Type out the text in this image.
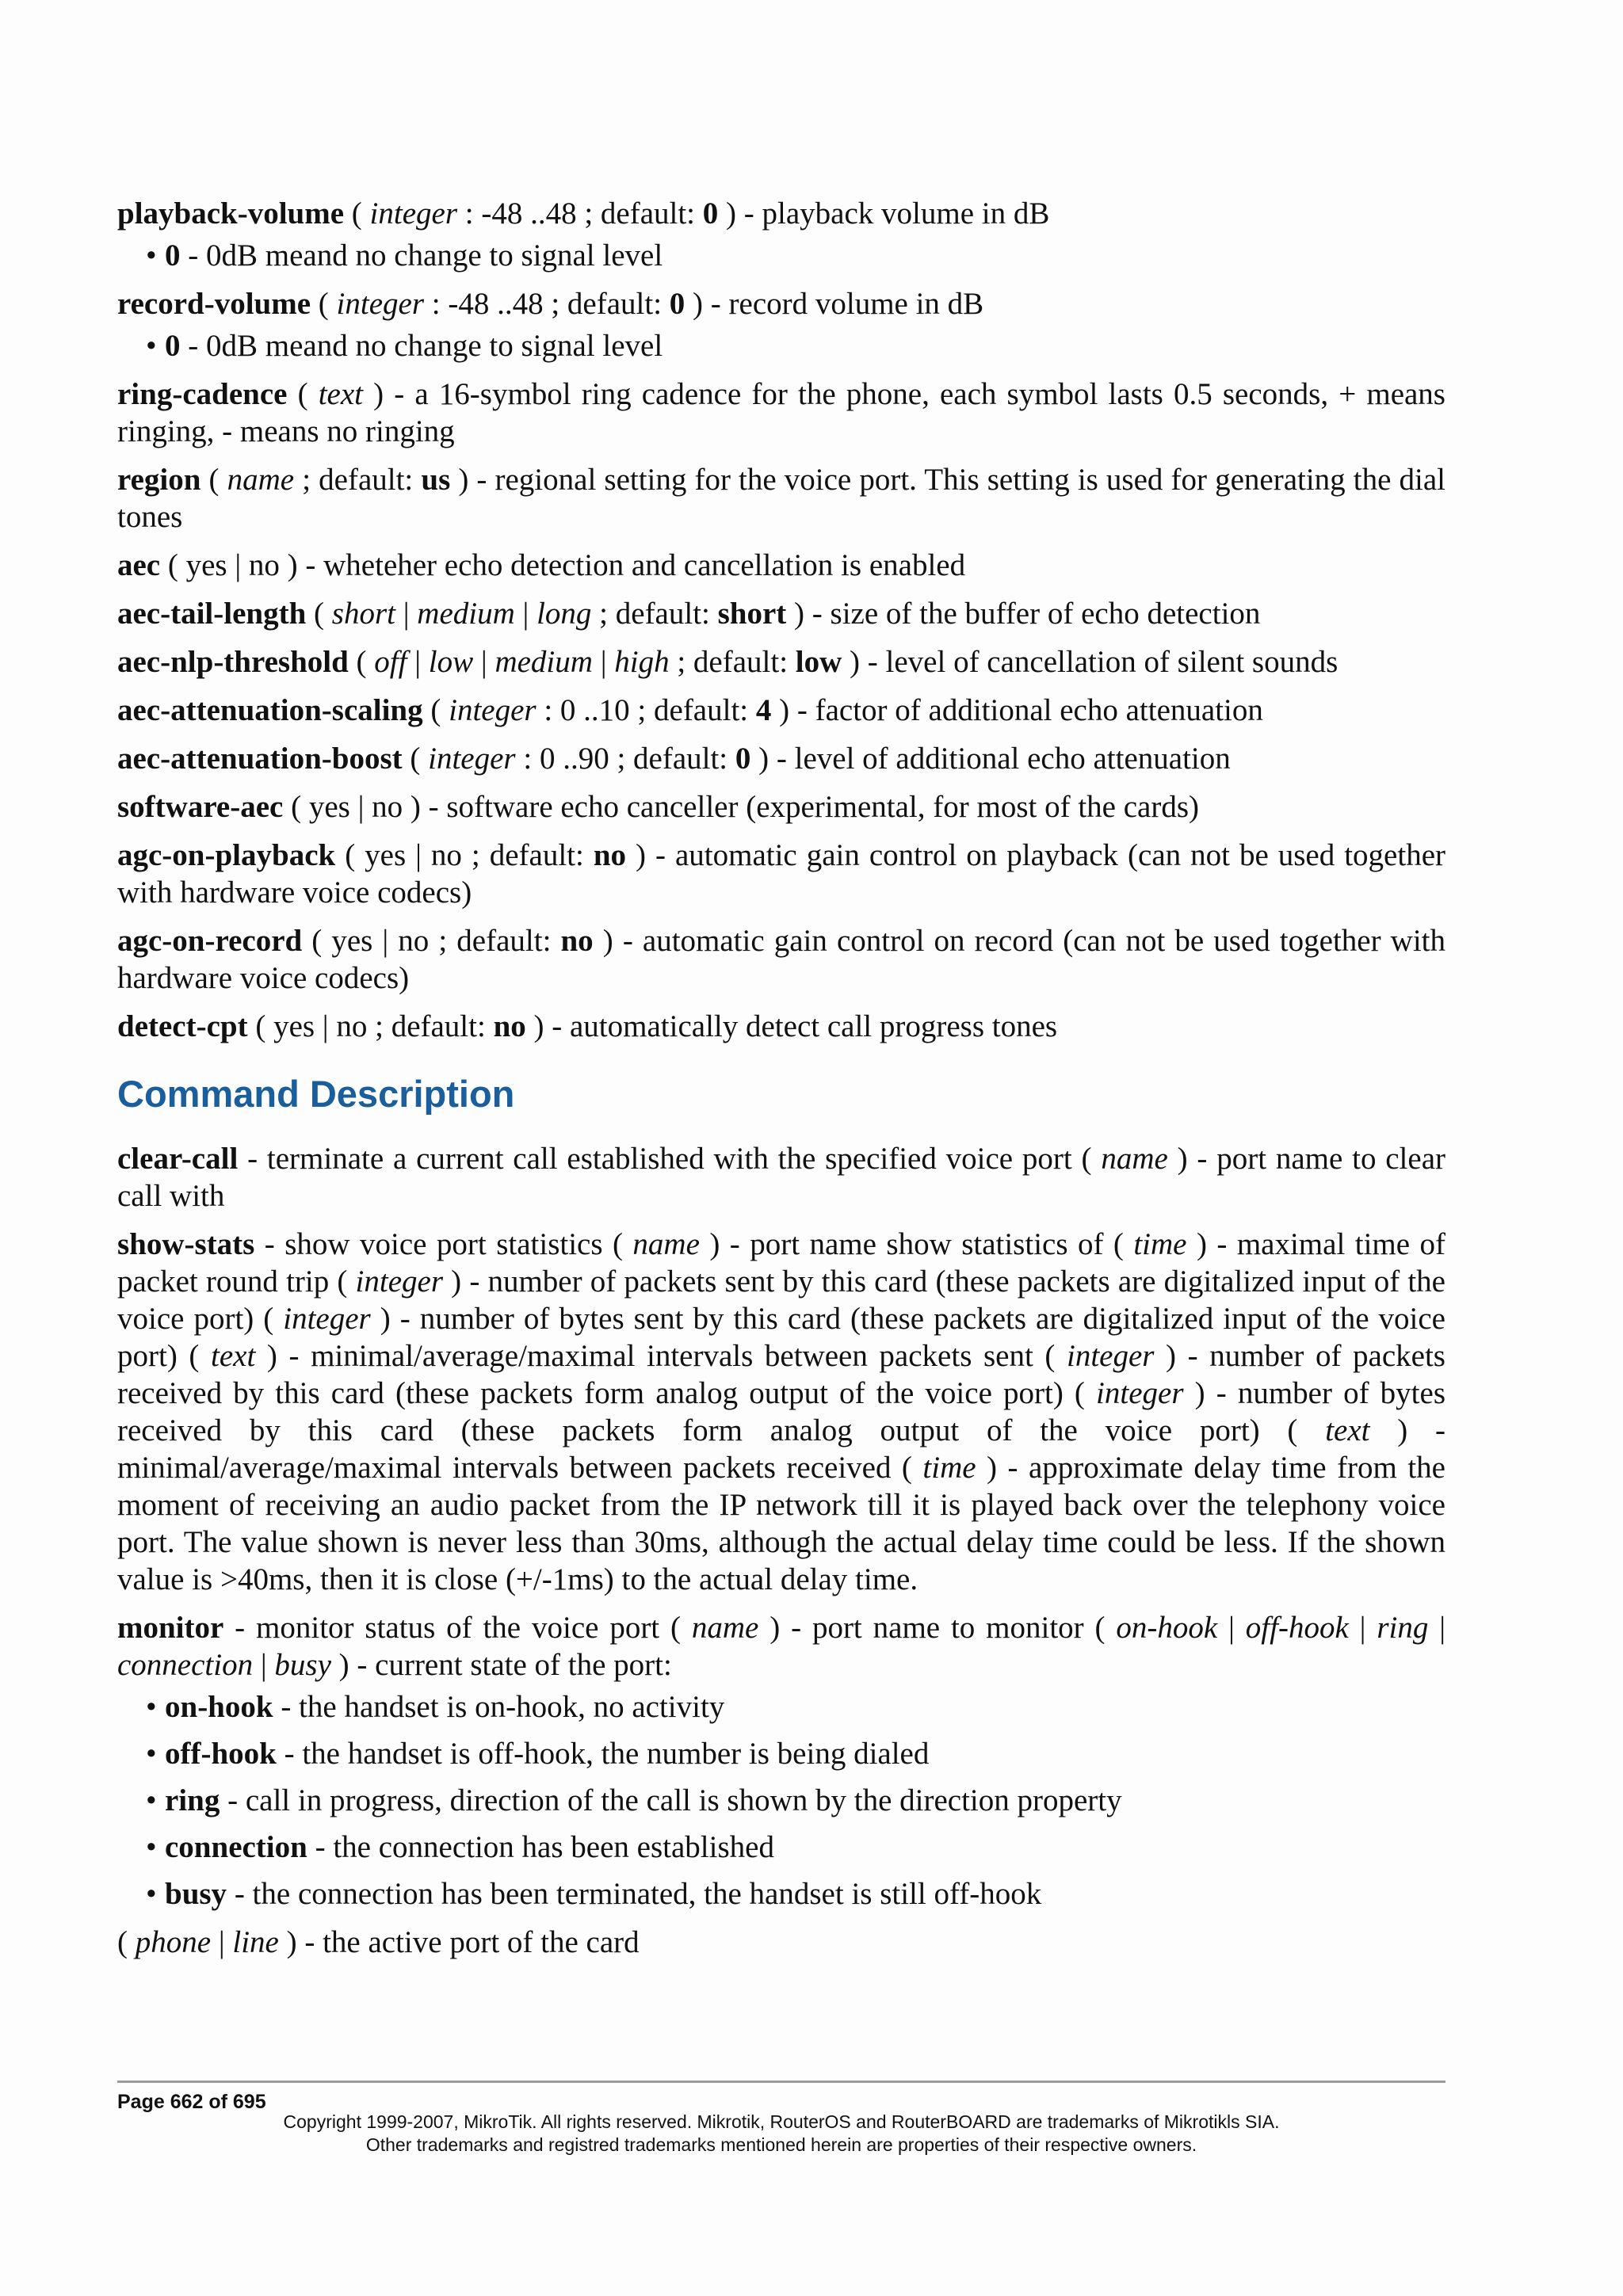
playback-volume ( integer : -48 ..48 ; default: 0 ) - playback volume in dB
• 0 - 0dB meand no change to signal level
record-volume ( integer : -48 ..48 ; default: 0 ) - record volume in dB
• 0 - 0dB meand no change to signal level
ring-cadence ( text ) - a 16-symbol ring cadence for the phone, each symbol lasts 0.5 seconds, + means ringing, - means no ringing
region ( name ; default: us ) - regional setting for the voice port. This setting is used for generating the dial tones
aec ( yes | no ) - wheteher echo detection and cancellation is enabled
aec-tail-length ( short | medium | long ; default: short ) - size of the buffer of echo detection
aec-nlp-threshold ( off | low | medium | high ; default: low ) - level of cancellation of silent sounds
aec-attenuation-scaling ( integer : 0 ..10 ; default: 4 ) - factor of additional echo attenuation
aec-attenuation-boost ( integer : 0 ..90 ; default: 0 ) - level of additional echo attenuation
software-aec ( yes | no ) - software echo canceller (experimental, for most of the cards)
agc-on-playback ( yes | no ; default: no ) - automatic gain control on playback (can not be used together with hardware voice codecs)
agc-on-record ( yes | no ; default: no ) - automatic gain control on record (can not be used together with hardware voice codecs)
detect-cpt ( yes | no ; default: no ) - automatically detect call progress tones
Command Description
clear-call - terminate a current call established with the specified voice port ( name ) - port name to clear call with
show-stats - show voice port statistics ( name ) - port name show statistics of ( time ) - maximal time of packet round trip ( integer ) - number of packets sent by this card (these packets are digitalized input of the voice port) ( integer ) - number of bytes sent by this card (these packets are digitalized input of the voice port) ( text ) - minimal/average/maximal intervals between packets sent ( integer ) - number of packets received by this card (these packets form analog output of the voice port) ( integer ) - number of bytes received by this card (these packets form analog output of the voice port) ( text ) - minimal/average/maximal intervals between packets received ( time ) - approximate delay time from the moment of receiving an audio packet from the IP network till it is played back over the telephony voice port. The value shown is never less than 30ms, although the actual delay time could be less. If the shown value is >40ms, then it is close (+/-1ms) to the actual delay time.
monitor - monitor status of the voice port ( name ) - port name to monitor ( on-hook | off-hook | ring | connection | busy ) - current state of the port:
• on-hook - the handset is on-hook, no activity
• off-hook - the handset is off-hook, the number is being dialed
• ring - call in progress, direction of the call is shown by the direction property
• connection - the connection has been established
• busy - the connection has been terminated, the handset is still off-hook
( phone | line ) - the active port of the card
Page 662 of 695
Copyright 1999-2007, MikroTik. All rights reserved. Mikrotik, RouterOS and RouterBOARD are trademarks of Mikrotikls SIA.
Other trademarks and registred trademarks mentioned herein are properties of their respective owners.
